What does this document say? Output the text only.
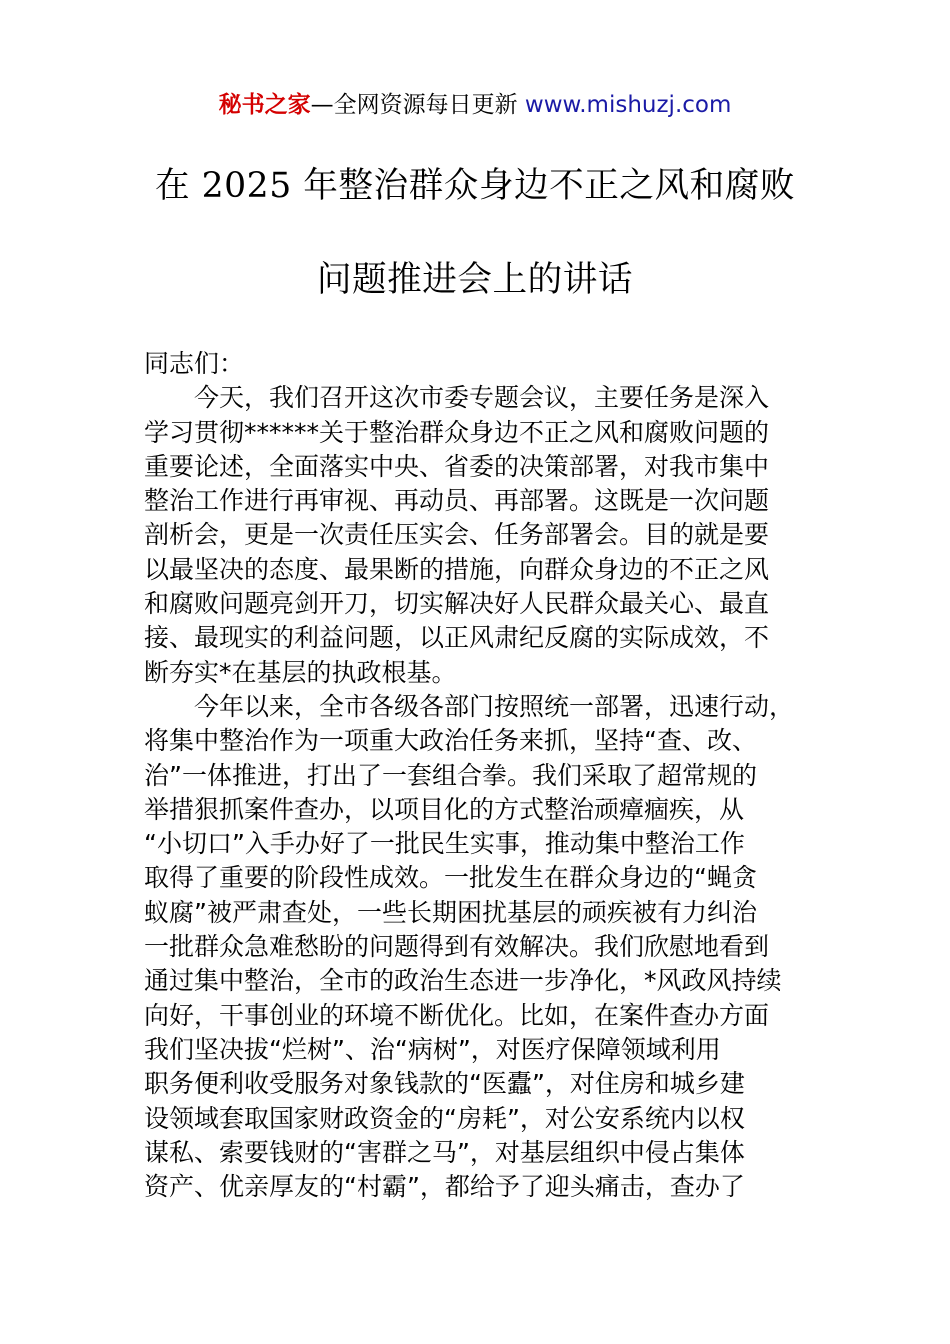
秘书之家—全网资源每日更新 www.mishuzj.com
在 2025 年整治群众身边不正之风和腐败
问题推进会上的讲话
同志们：
今天，我们召开这次市委专题会议，主要任务是深入
学习贯彻******关于整治群众身边不正之风和腐败问题的
重要论述，全面落实中央、省委的决策部署，对我市集中
整治工作进行再审视、再动员、再部署。这既是一次问题
剖析会，更是一次责任压实会、任务部署会。目的就是要
以最坚决的态度、最果断的措施，向群众身边的不正之风
和腐败问题亮剑开刀，切实解决好人民群众最关心、最直
接、最现实的利益问题，以正风肃纪反腐的实际成效，不
断夯实*在基层的执政根基。
今年以来，全市各级各部门按照统一部署，迅速行动，
将集中整治作为一项重大政治任务来抓，坚持“查、改、
治”一体推进，打出了一套组合拳。我们采取了超常规的
举措狠抓案件查办，以项目化的方式整治顽瘴痼疾，从
“小切口”入手办好了一批民生实事，推动集中整治工作
取得了重要的阶段性成效。一批发生在群众身边的“蝇贪
蚁腐”被严肃查处，一些长期困扰基层的顽疾被有力纠治
一批群众急难愁盼的问题得到有效解决。我们欣慰地看到
通过集中整治，全市的政治生态进一步净化，*风政风持续
向好，干事创业的环境不断优化。比如，在案件查办方面
我们坚决拔“烂树”、治“病树”，对医疗保障领域利用
职务便利收受服务对象钱款的“医蠹”，对住房和城乡建
设领域套取国家财政资金的“房耗”，对公安系统内以权
谋私、索要钱财的“害群之马”，对基层组织中侵占集体
资产、优亲厚友的“村霸”，都给予了迎头痛击，查办了
